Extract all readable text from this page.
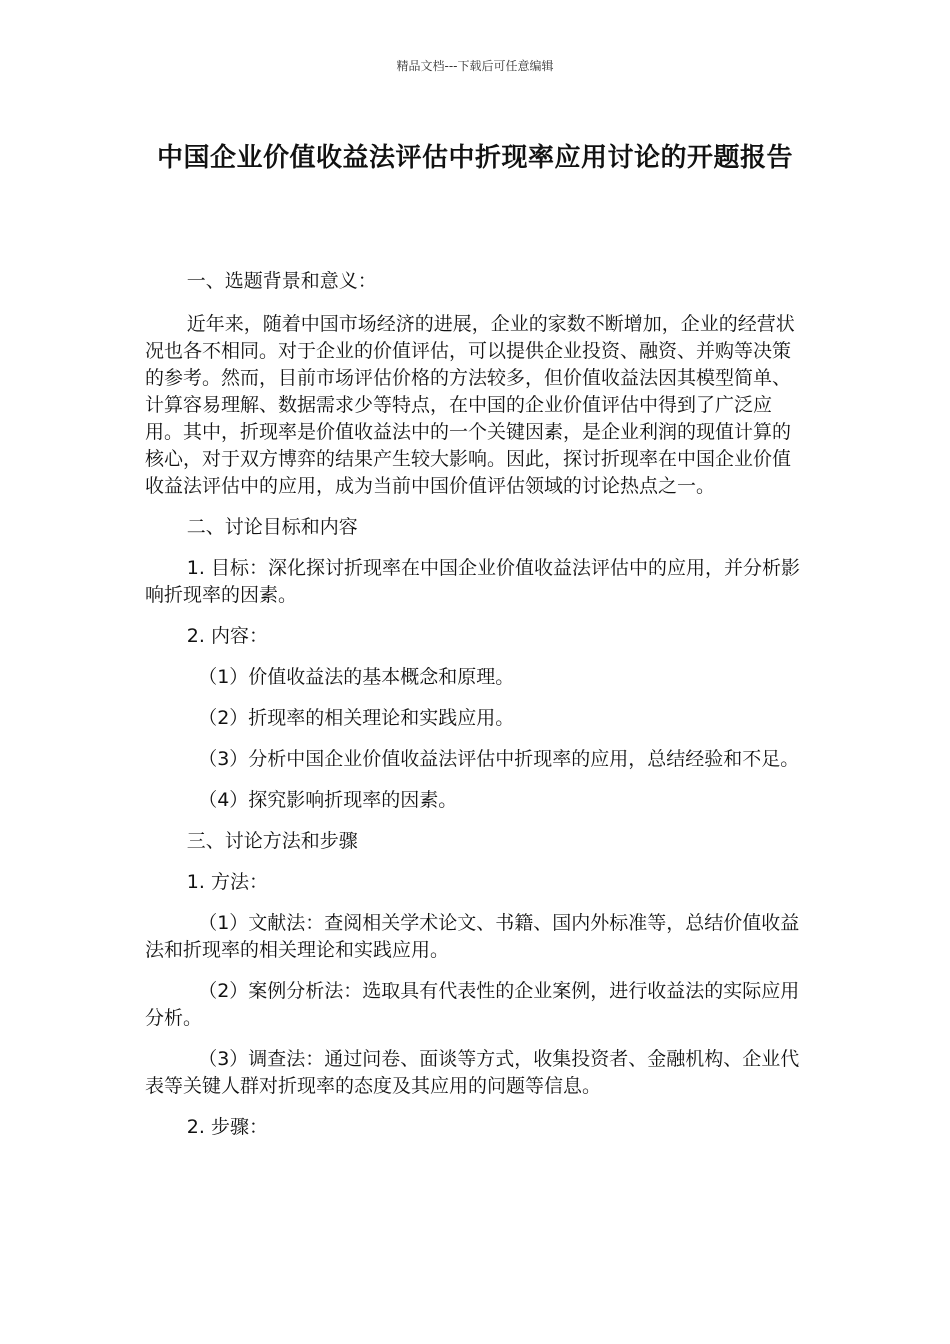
精品文档---下载后可任意编辑
中国企业价值收益法评估中折现率应用讨论的开题报告

一、选题背景和意义：

近年来，随着中国市场经济的进展，企业的家数不断增加，企业的经营状况也各不相同。对于企业的价值评估，可以提供企业投资、融资、并购等决策的参考。然而，目前市场评估价格的方法较多，但价值收益法因其模型简单、计算容易理解、数据需求少等特点，在中国的企业价值评估中得到了广泛应用。其中，折现率是价值收益法中的一个关键因素，是企业利润的现值计算的核心，对于双方博弈的结果产生较大影响。因此，探讨折现率在中国企业价值收益法评估中的应用，成为当前中国价值评估领域的讨论热点之一。

二、讨论目标和内容

1. 目标：深化探讨折现率在中国企业价值收益法评估中的应用，并分析影响折现率的因素。

2. 内容：

（1）价值收益法的基本概念和原理。

（2）折现率的相关理论和实践应用。

（3）分析中国企业价值收益法评估中折现率的应用，总结经验和不足。

（4）探究影响折现率的因素。

三、讨论方法和步骤

1. 方法：

（1）文献法：查阅相关学术论文、书籍、国内外标准等，总结价值收益法和折现率的相关理论和实践应用。

（2）案例分析法：选取具有代表性的企业案例，进行收益法的实际应用分析。

（3）调查法：通过问卷、面谈等方式，收集投资者、金融机构、企业代表等关键人群对折现率的态度及其应用的问题等信息。

2. 步骤：
